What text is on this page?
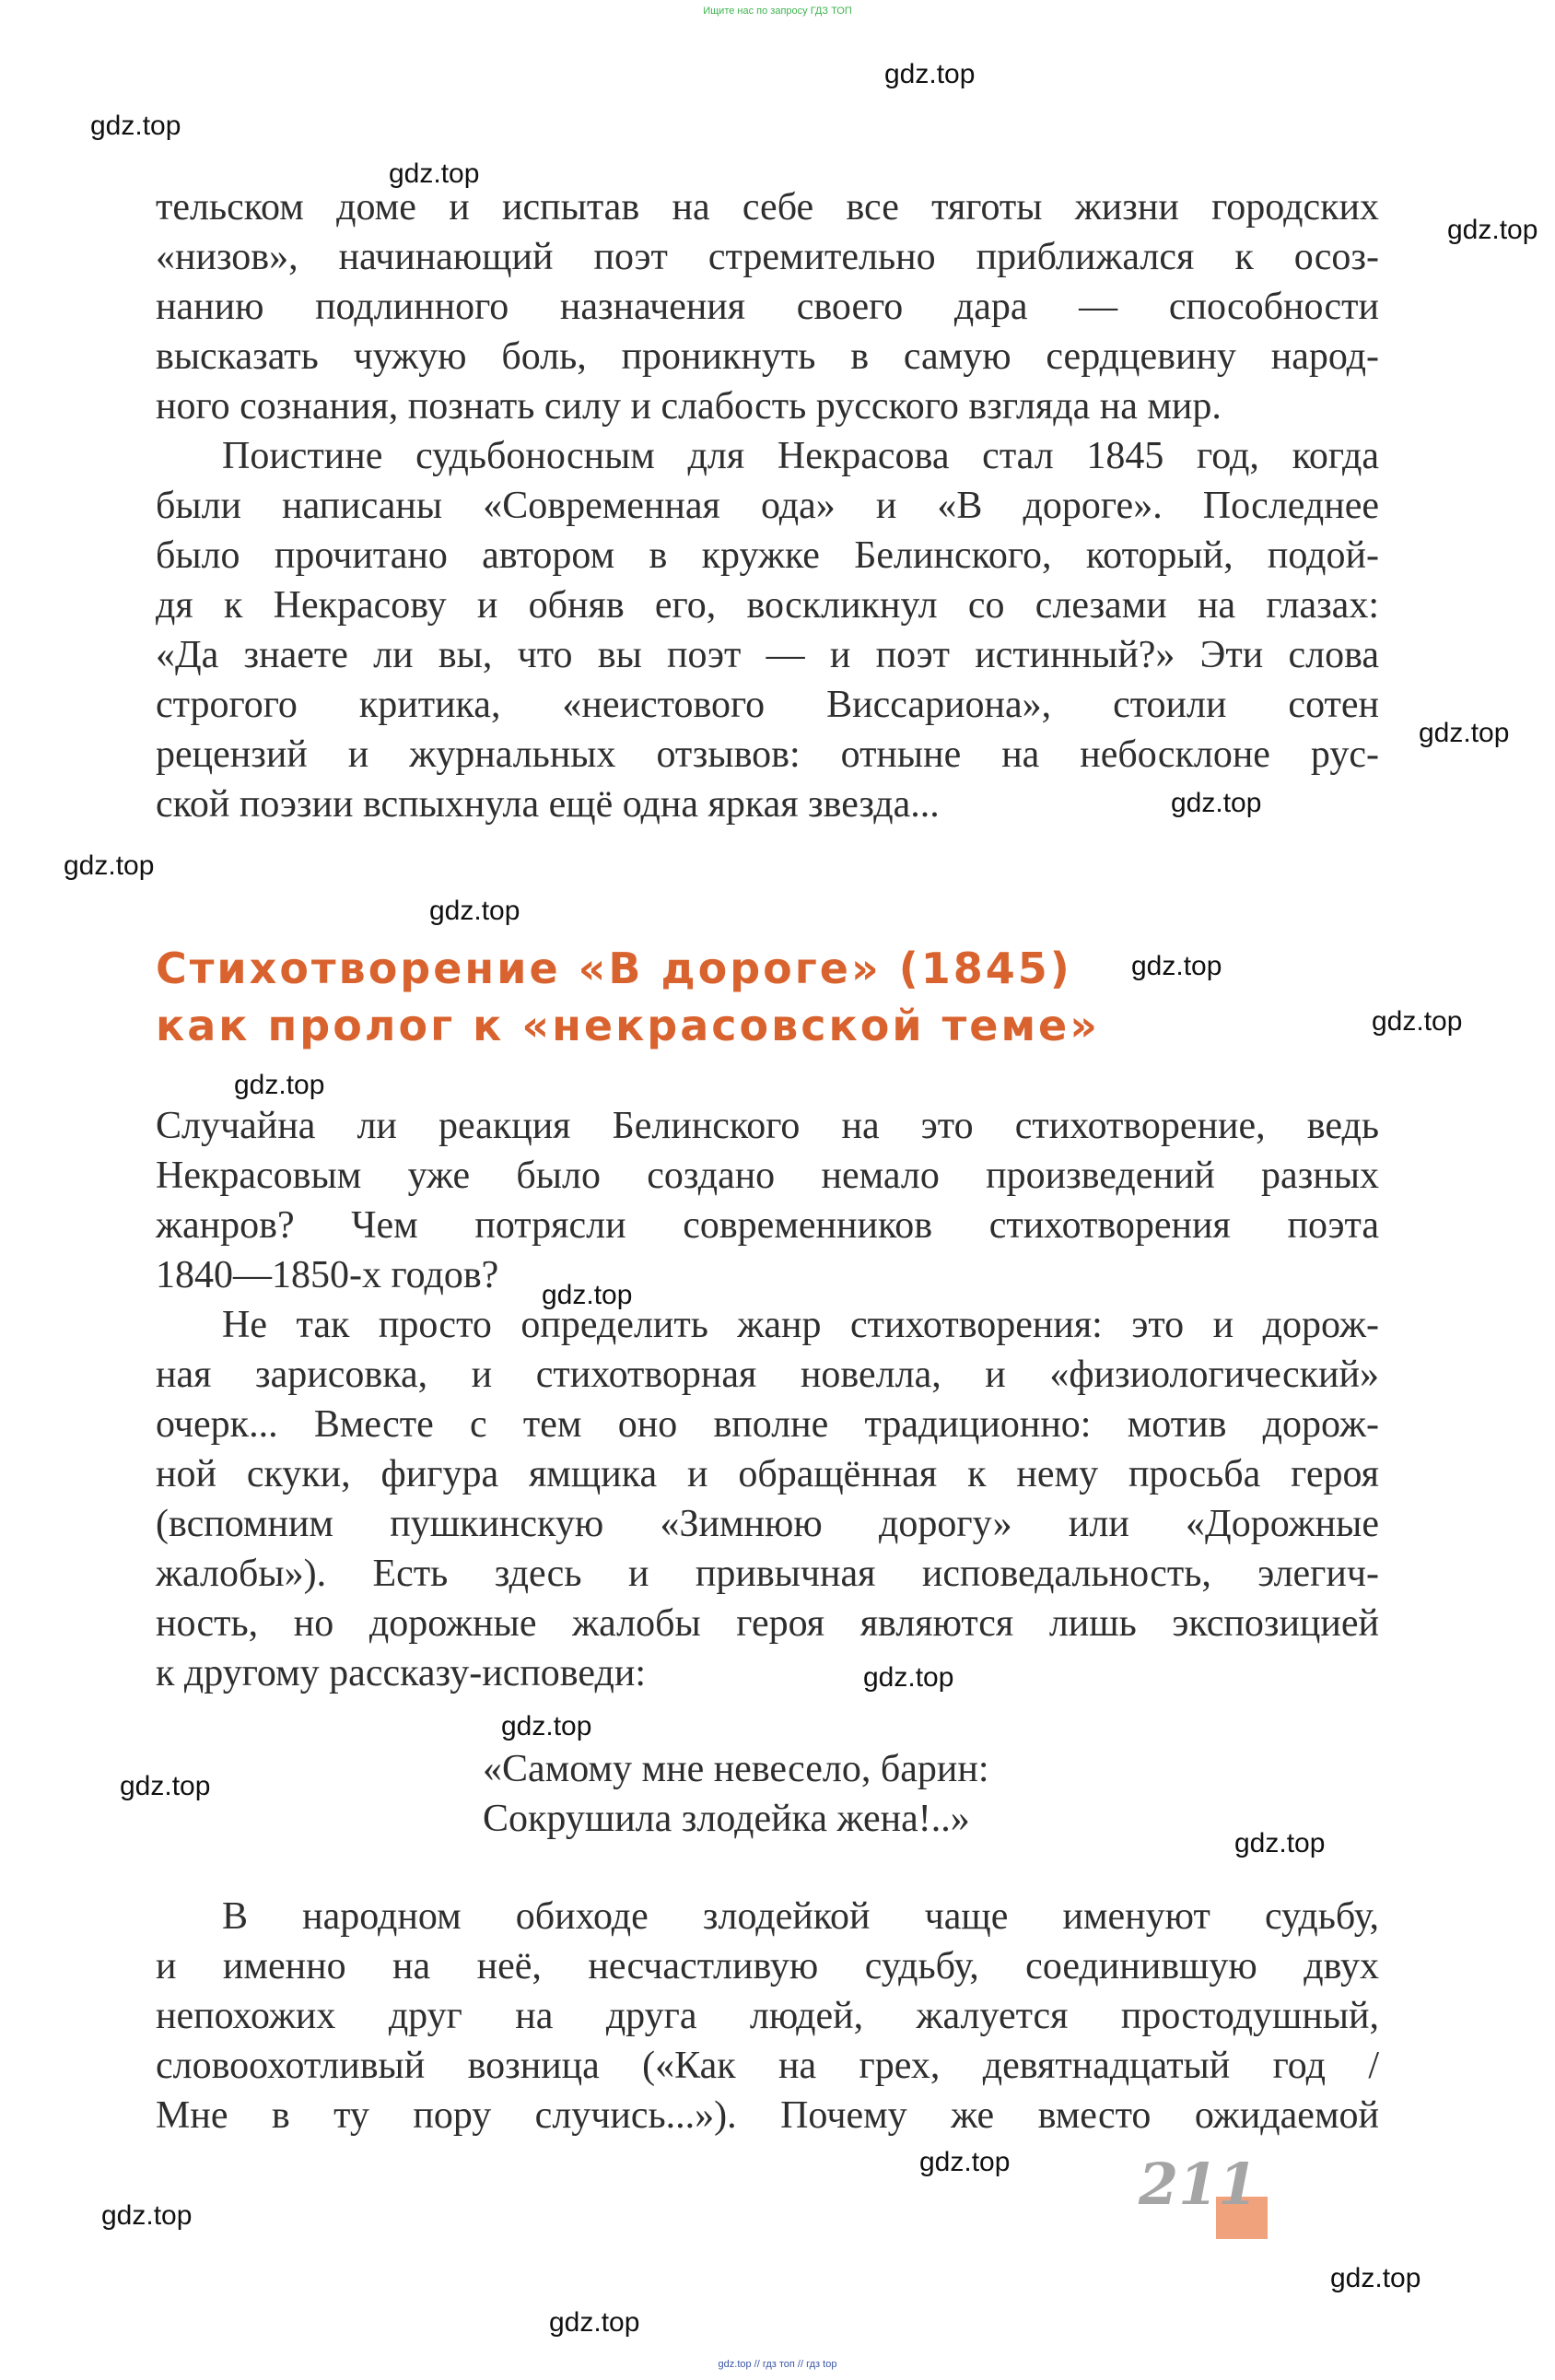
Ищите нас по запросу ГДЗ ТОП
тельском доме и испытав на себе все тяготы жизни городских
«низов», начинающий поэт стремительно приближался к осоз-
нанию подлинного назначения своего дара — способности
высказать чужую боль, проникнуть в самую сердцевину народ-
ного сознания, познать силу и слабость русского взгляда на мир.
Поистине судьбоносным для Некрасова стал 1845 год, когда
были написаны «Современная ода» и «В дороге». Последнее
было прочитано автором в кружке Белинского, который, подой-
дя к Некрасову и обняв его, воскликнул со слезами на глазах:
«Да знаете ли вы, что вы поэт — и поэт истинный?» Эти слова
строгого критика, «неистового Виссариона», стоили сотен
рецензий и журнальных отзывов: отныне на небосклоне рус-
ской поэзии вспыхнула ещё одна яркая звезда...
Стихотворение «В дороге» (1845)
как пролог к «некрасовской теме»
Случайна ли реакция Белинского на это стихотворение, ведь
Некрасовым уже было создано немало произведений разных
жанров? Чем потрясли современников стихотворения поэта
1840—1850-х годов?
Не так просто определить жанр стихотворения: это и дорож-
ная зарисовка, и стихотворная новелла, и «физиологический»
очерк... Вместе с тем оно вполне традиционно: мотив дорож-
ной скуки, фигура ямщика и обращённая к нему просьба героя
(вспомним пушкинскую «Зимнюю дорогу» или «Дорожные
жалобы»). Есть здесь и привычная исповедальность, элегич-
ность, но дорожные жалобы героя являются лишь экспозицией
к другому рассказу-исповеди:
«Самому мне невесело, барин:
Сокрушила злодейка жена!..»
В народном обиходе злодейкой чаще именуют судьбу,
и именно на неё, несчастливую судьбу, соединившую двух
непохожих друг на друга людей, жалуется простодушный,
словоохотливый возница («Как на грех, девятнадцатый год /
Мне в ту пору случись...»). Почему же вместо ожидаемой
211
gdz.top
gdz.top
gdz.top
gdz.top
gdz.top
gdz.top
gdz.top
gdz.top
gdz.top
gdz.top
gdz.top
gdz.top
gdz.top
gdz.top
gdz.top
gdz.top
gdz.top
gdz.top
gdz.top
gdz.top
gdz.top // гдз топ // гдз top
